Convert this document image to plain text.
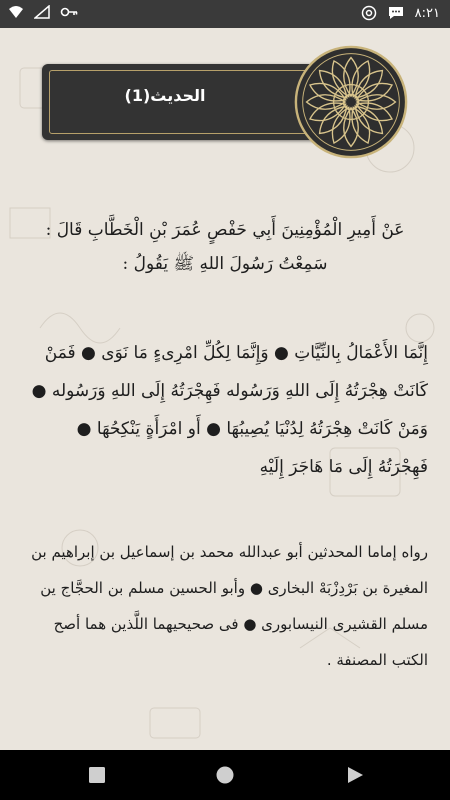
٨:٢١
الحديث(1)
عَنْ أَمِيرِ الْمُؤْمِنِينَ أَبِي حَفْصٍ عُمَرَ بْنِ الْخَطَّابِ قَالَ : سَمِعْتُ رَسُولَ اللهِ ﷺ يَقُولُ :
إِنَّمَا الأَعْمَالُ بِالنِّيَّاتِ ● وَإِنَّمَا لِكُلِّ امْرِىءٍ مَا نَوَى ● فَمَنْ كَانَتْ هِجْرَتُهُ إِلَى اللهِ وَرَسُوله فَهِجْرَتُهُ إِلَى اللهِ وَرَسُوله ● وَمَنْ كَانَتْ هِجْرَتُهُ لِدُنْيَا يُصِيبُهَا ● أَو امْرَأَةٍ يَنْكِحُهَا ● فَهِجْرَتُهُ إِلَى مَا هَاجَرَ إِلَيْهِ
رواه إماما المحدثين أبو عبدالله محمد بن إسماعيل بن إبراهيم بن المغيرة بن بَرْدِزْبَهْ البخارى ● وأبو الحسين مسلم بن الحجَّاج ين مسلم القشيرى النيسابورى ● فى صحيحيهما اللَّذين هما أصح الكتب المصنفة .
